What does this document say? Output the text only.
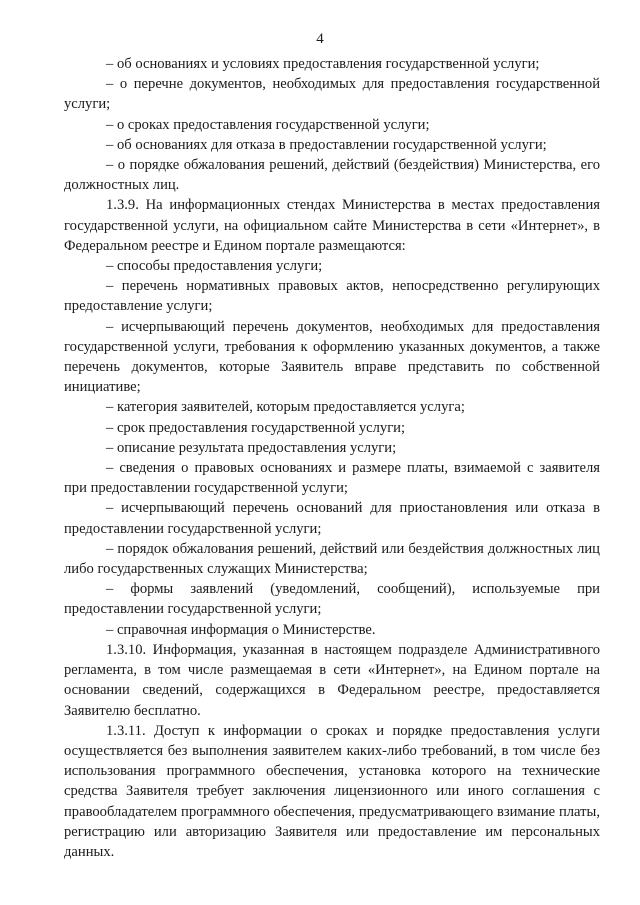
4

– об основаниях и условиях предоставления государственной услуги;

– о перечне документов, необходимых для предоставления государственной услуги;

– о сроках предоставления государственной услуги;

– об основаниях для отказа в предоставлении государственной услуги;

– о порядке обжалования решений, действий (бездействия) Министерства, его должностных лиц.

1.3.9. На информационных стендах Министерства в местах предоставления государственной услуги, на официальном сайте Министерства в сети «Интернет», в Федеральном реестре и Едином портале размещаются:

– способы предоставления услуги;

– перечень нормативных правовых актов, непосредственно регулирующих предоставление услуги;

– исчерпывающий перечень документов, необходимых для предоставления государственной услуги, требования к оформлению указанных документов, а также перечень документов, которые Заявитель вправе представить по собственной инициативе;

– категория заявителей, которым предоставляется услуга;

– срок предоставления государственной услуги;

– описание результата предоставления услуги;

– сведения о правовых основаниях и размере платы, взимаемой с заявителя при предоставлении государственной услуги;

– исчерпывающий перечень оснований для приостановления или отказа в предоставлении государственной услуги;

– порядок обжалования решений, действий или бездействия должностных лиц либо государственных служащих Министерства;

– формы заявлений (уведомлений, сообщений), используемые при предоставлении государственной услуги;

– справочная информация о Министерстве.

1.3.10. Информация, указанная в настоящем подразделе Административного регламента, в том числе размещаемая в сети «Интернет», на Едином портале на основании сведений, содержащихся в Федеральном реестре, предоставляется Заявителю бесплатно.

1.3.11. Доступ к информации о сроках и порядке предоставления услуги осуществляется без выполнения заявителем каких-либо требований, в том числе без использования программного обеспечения, установка которого на технические средства Заявителя требует заключения лицензионного или иного соглашения с правообладателем программного обеспечения, предусматривающего взимание платы, регистрацию или авторизацию Заявителя или предоставление им персональных данных.
